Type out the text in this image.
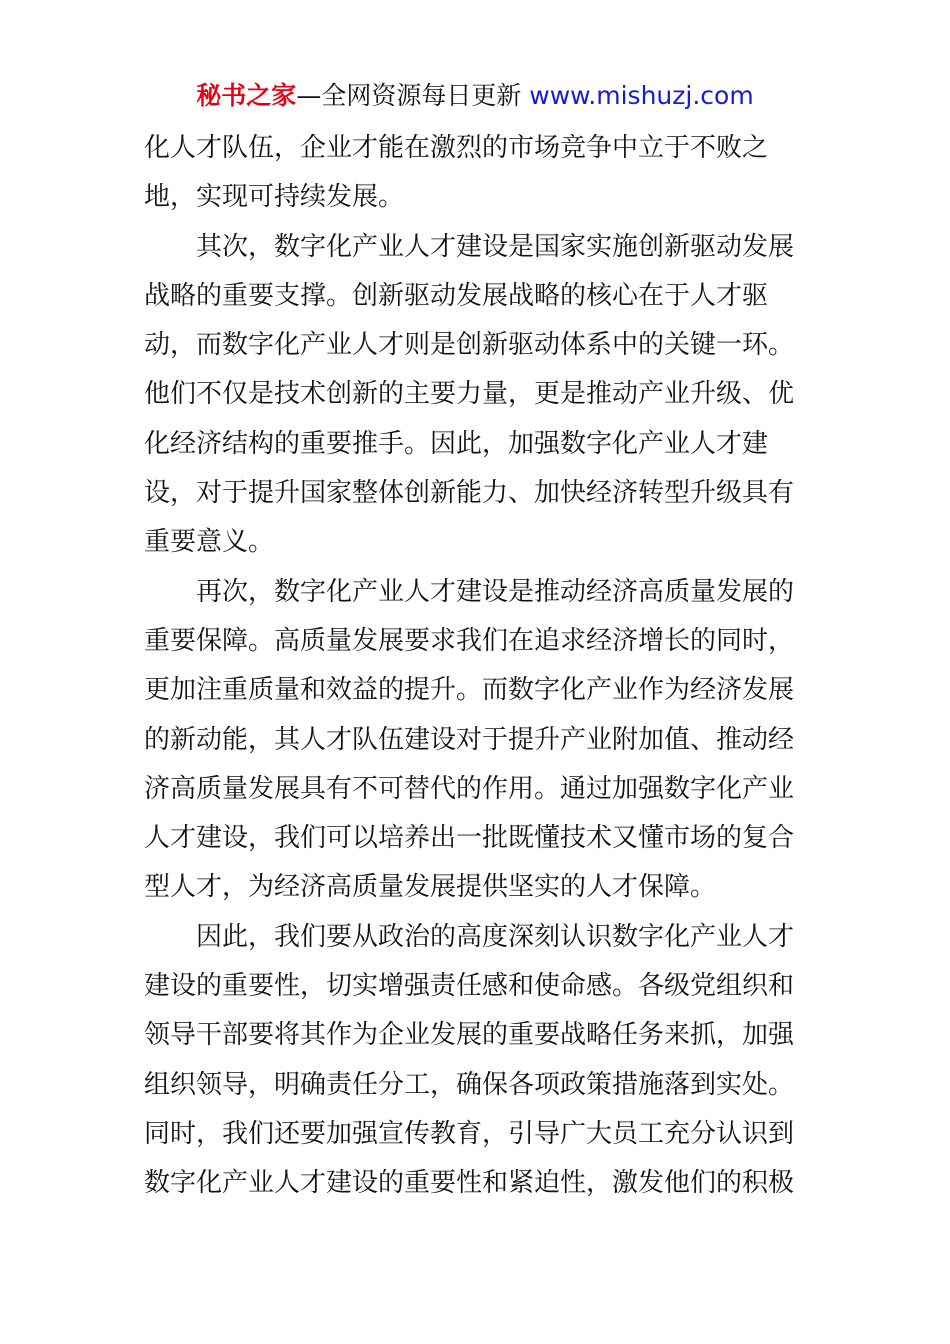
秘书之家—全网资源每日更新 www.mishuzj.com
化人才队伍，企业才能在激烈的市场竞争中立于不败之
地，实现可持续发展。
其次，数字化产业人才建设是国家实施创新驱动发展
战略的重要支撑。创新驱动发展战略的核心在于人才驱
动，而数字化产业人才则是创新驱动体系中的关键一环。
他们不仅是技术创新的主要力量，更是推动产业升级、优
化经济结构的重要推手。因此，加强数字化产业人才建
设，对于提升国家整体创新能力、加快经济转型升级具有
重要意义。
再次，数字化产业人才建设是推动经济高质量发展的
重要保障。高质量发展要求我们在追求经济增长的同时，
更加注重质量和效益的提升。而数字化产业作为经济发展
的新动能，其人才队伍建设对于提升产业附加值、推动经
济高质量发展具有不可替代的作用。通过加强数字化产业
人才建设，我们可以培养出一批既懂技术又懂市场的复合
型人才，为经济高质量发展提供坚实的人才保障。
因此，我们要从政治的高度深刻认识数字化产业人才
建设的重要性，切实增强责任感和使命感。各级党组织和
领导干部要将其作为企业发展的重要战略任务来抓，加强
组织领导，明确责任分工，确保各项政策措施落到实处。
同时，我们还要加强宣传教育，引导广大员工充分认识到
数字化产业人才建设的重要性和紧迫性，激发他们的积极
